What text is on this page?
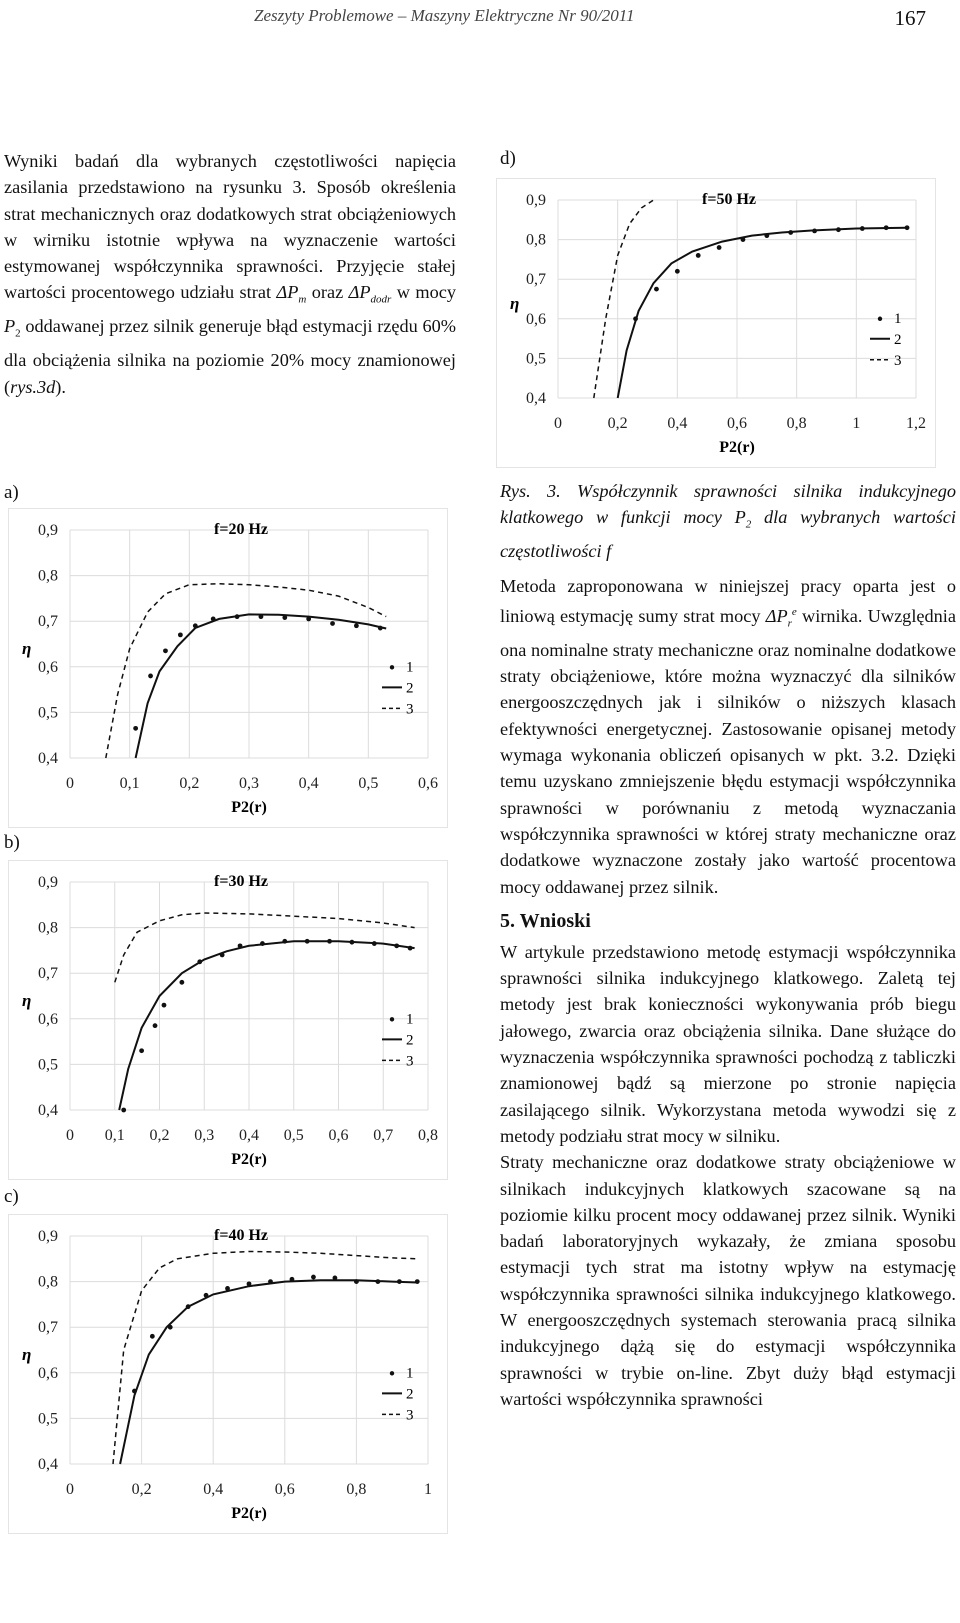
Zeszyty Problemowe – Maszyny Elektryczne Nr 90/2011	167

Wyniki badań dla wybranych częstotliwości napięcia zasilania przedstawiono na rysunku 3. Sposób określenia strat mechanicznych oraz dodatkowych strat obciążeniowych w wirniku istotnie wpływa na wyznaczenie wartości estymowanej współczynnika sprawności. Przyjęcie stałej wartości procentowego udziału strat $\Delta P_m$ oraz $\Delta P_{dodr}$ w mocy $P_2$ oddawanej przez silnik generuje błąd estymacji rzędu 60% dla obciążenia silnika na poziomie 20% mocy znamionowej (rys.3d).

a)
b)
c)
d)
0	0,1 0,2 0,3 0,4 0,5 0,6
0,4
0,5
0,6
0,7
0,8
0,9	f=20 Hz
η
P2(r)
1
2
3
0 0,1 0,2 0,3 0,4 0,5 0,6 0,7 0,8
0,4
0,5
0,6
0,7
0,8
0,9	f=30 Hz
η
P2(r)
1
2
3
0	0,2	0,4	0,6	0,8	1
0,4
0,5
0,6
0,7
0,8
0,9	f=40 Hz
η
P2(r)
1
2
3
0	0,2 0,4 0,6 0,8	1	1,2
0,4
0,5
0,6
0,7
0,8
0,9	f=50 Hz
η
P2(r)
1
2
3

Rys. 3. Współczynnik sprawności silnika indukcyjnego klatkowego w funkcji mocy $P_2$ dla wybranych wartości częstotliwości f

Metoda zaproponowana w niniejszej pracy oparta jest o liniową estymację sumy strat mocy $\Delta P_r^e$ wirnika. Uwzględnia ona nominalne straty mechaniczne oraz nominalne dodatkowe straty obciążeniowe, które można wyznaczyć dla silników energooszczędnych jak i silników o niższych klasach efektywności energetycznej. Zastosowanie opisanej metody wymaga wykonania obliczeń opisanych w pkt. 3.2. Dzięki temu uzyskano zmniejszenie błędu estymacji współczynnika sprawności w porównaniu z metodą wyznaczania współczynnika sprawności w której straty mechaniczne oraz dodatkowe wyznaczone zostały jako wartość procentowa mocy oddawanej przez silnik.

5. Wnioski

W artykule przedstawiono metodę estymacji współczynnika sprawności silnika indukcyjnego klatkowego. Zaletą tej metody jest brak konieczności wykonywania prób biegu jałowego, zwarcia oraz obciążenia silnika. Dane służące do wyznaczenia współczynnika sprawności pochodzą z tabliczki znamionowej bądź są mierzone po stronie napięcia zasilającego silnik. Wykorzystana metoda wywodzi się z metody podziału strat mocy w silniku.

Straty mechaniczne oraz dodatkowe straty obciążeniowe w silnikach indukcyjnych klatkowych szacowane są na poziomie kilku procent mocy oddawanej przez silnik. Wyniki badań laboratoryjnych wykazały, że zmiana sposobu estymacji tych strat ma istotny wpływ na estymację współczynnika sprawności silnika indukcyjnego klatkowego. W energooszczędnych systemach sterowania pracą silnika indukcyjnego dążą się do estymacji współczynnika sprawności w trybie on-line. Zbyt duży błąd estymacji wartości współczynnika sprawności
